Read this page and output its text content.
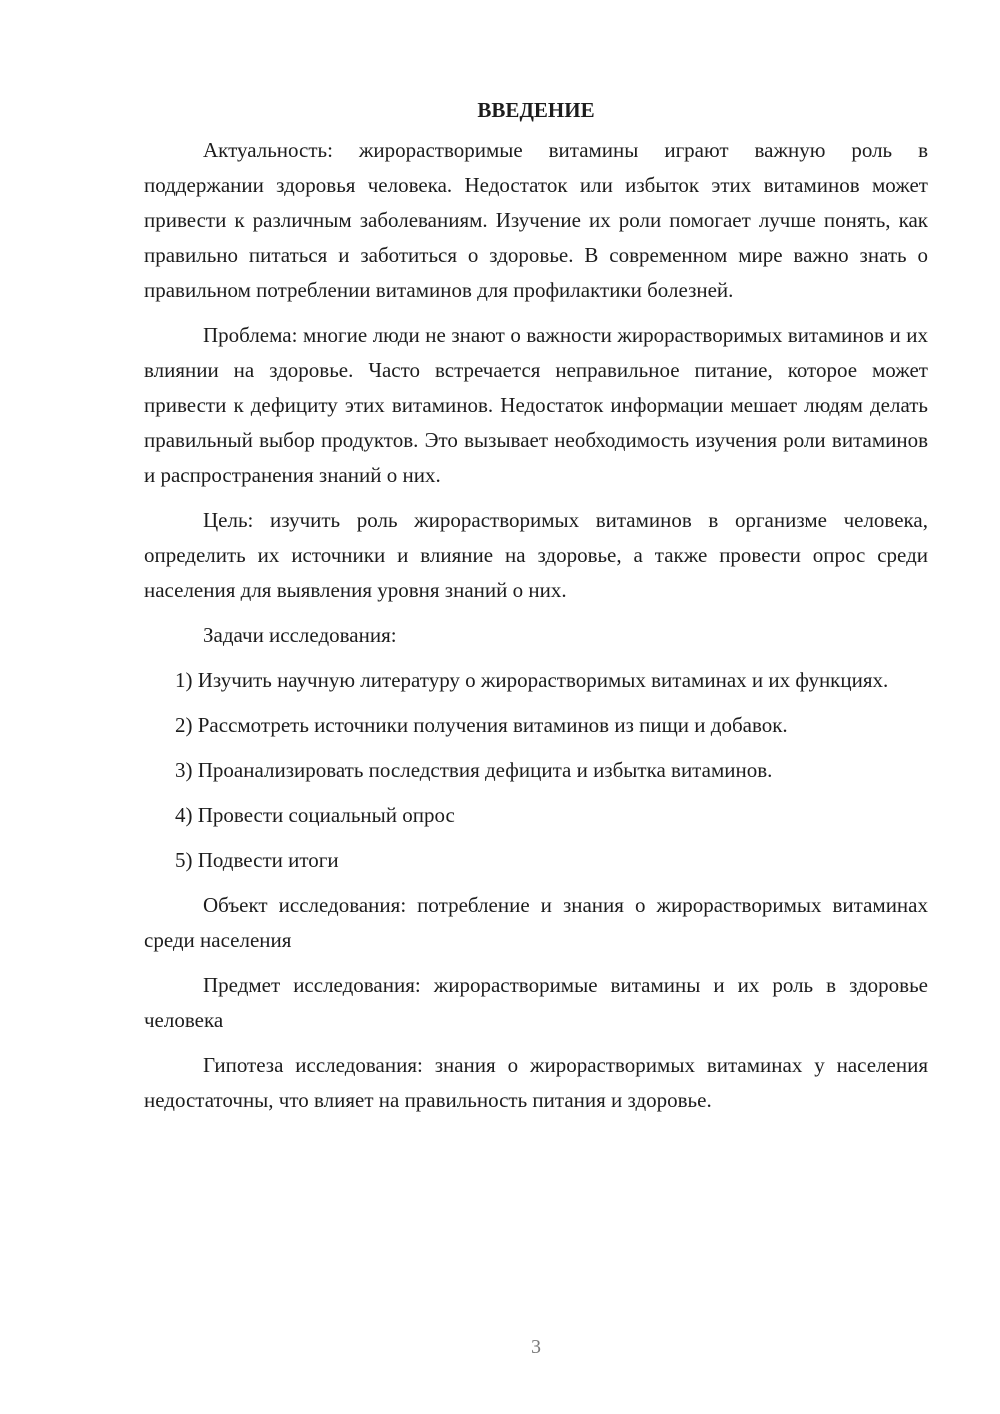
ВВЕДЕНИЕ

Актуальность: жирорастворимые витамины играют важную роль в поддержании здоровья человека. Недостаток или избыток этих витаминов может привести к различным заболеваниям. Изучение их роли помогает лучше понять, как правильно питаться и заботиться о здоровье. В современном мире важно знать о правильном потреблении витаминов для профилактики болезней.

Проблема: многие люди не знают о важности жирорастворимых витаминов и их влиянии на здоровье. Часто встречается неправильное питание, которое может привести к дефициту этих витаминов. Недостаток информации мешает людям делать правильный выбор продуктов. Это вызывает необходимость изучения роли витаминов и распространения знаний о них.

Цель: изучить роль жирорастворимых витаминов в организме человека, определить их источники и влияние на здоровье, а также провести опрос среди населения для выявления уровня знаний о них.

Задачи исследования:

1) Изучить научную литературу о жирорастворимых витаминах и их функциях.

2) Рассмотреть источники получения витаминов из пищи и добавок.

3) Проанализировать последствия дефицита и избытка витаминов.

4) Провести социальный опрос

5) Подвести итоги

Объект исследования: потребление и знания о жирорастворимых витаминах среди населения

Предмет исследования: жирорастворимые витамины и их роль в здоровье человека

Гипотеза исследования: знания о жирорастворимых витаминах у населения недостаточны, что влияет на правильность питания и здоровье.

3
